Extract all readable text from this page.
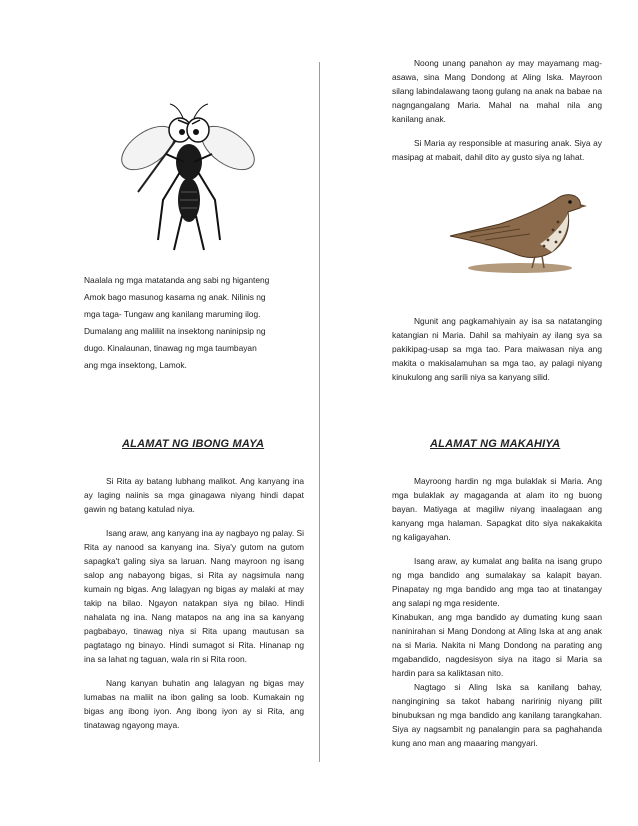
Naalala ng mga matatanda ang sabi ng higanteng

Amok bago masunog kasama ng anak. Nilinis ng

mga taga- Tungaw ang kanilang maruming ilog.

Dumalang ang maliliit na insektong naninipsip ng

dugo. Kinalaunan, tinawag ng mga taumbayan

ang mga insektong, Lamok.

ALAMAT NG IBONG MAYA

Si Rita ay batang lubhang malikot. Ang kanyang ina ay laging naiinis sa mga ginagawa niyang hindi dapat gawin ng batang katulad niya.

Isang araw, ang kanyang ina ay nagbayo ng palay. Si Rita ay nanood sa kanyang ina. Siya'y gutom na gutom sapagka't galing siya sa laruan. Nang mayroon ng isang salop ang nabayong bigas, si Rita ay nagsimula nang kumain ng bigas. Ang lalagyan ng bigas ay malaki at may takip na bilao. Ngayon natakpan siya ng bilao. Hindi nahalata ng ina. Nang matapos na ang ina sa kanyang pagbabayo, tinawag niya si Rita upang mautusan sa pagtatago ng binayo. Hindi sumagot si Rita. Hinanap ng ina sa lahat ng taguan, wala rin si Rita roon.

Nang kanyan buhatin ang lalagyan ng bigas may lumabas na maliit na ibon galing sa loob. Kumakain ng bigas ang ibong iyon. Ang ibong iyon ay si Rita, ang tinatawag ngayong maya.

Noong unang panahon ay may mayamang mag-asawa, sina Mang Dondong at Aling Iska. Mayroon silang labindalawang taong gulang na anak na babae na nagngangalang Maria. Mahal na mahal nila ang kanilang anak.

Si Maria ay responsible at masuring anak. Siya ay masipag at mabait, dahil dito ay gusto siya ng lahat.

Ngunit ang pagkamahiyain ay isa sa natatanging katangian ni Maria. Dahil sa mahiyain ay ilang sya sa pakikipag-usap sa mga tao. Para maiwasan niya ang makita o makisalamuhan sa mga tao, ay palagi niyang kinukulong ang sarili niya sa kanyang silid.

ALAMAT NG MAKAHIYA

Mayroong hardin ng mga bulaklak si Maria. Ang mga bulaklak ay magaganda at alam ito ng buong bayan. Matiyaga at magiliw niyang inaalagaan ang kanyang mga halaman. Sapagkat dito siya nakakakita ng kaligayahan.

Isang araw, ay kumalat ang balita na isang grupo ng mga bandido ang sumalakay sa kalapit bayan. Pinapatay ng mga bandido ang mga tao at tinatangay ang salapi ng mga residente.

Kinabukan, ang mga bandido ay dumating kung saan naninirahan si Mang Dondong at Aling Iska at ang anak na si Maria. Nakita ni Mang Dondong na parating ang mgabandido, nagdesisyon siya na itago si Maria sa hardin para sa kaliktasan nito.

Nagtago si Aling Iska sa kanilang bahay, nangingining sa takot habang naririnig niyang pilit binubuksan ng mga bandido ang kanilang tarangkahan. Siya ay nagsambit ng panalangin para sa paghahanda kung ano man ang maaaring mangyari.
